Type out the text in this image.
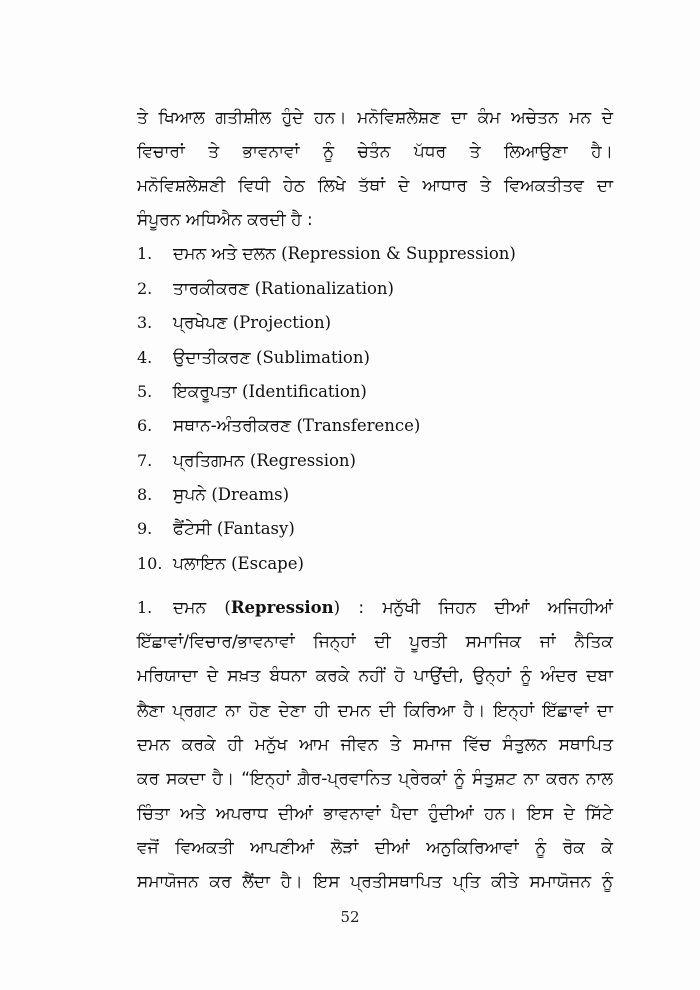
ਤੇ ਖਿਆਲ ਗਤੀਸ਼ੀਲ ਹੁੰਦੇ ਹਨ। ਮਨੋਵਿਸ਼ਲੇਸ਼ਣ ਦਾ ਕੰਮ ਅਚੇਤਨ ਮਨ ਦੇ
ਵਿਚਾਰਾਂ ਤੇ ਭਾਵਨਾਵਾਂ ਨੂੰ ਚੇਤੰਨ ਪੱਧਰ ਤੇ ਲਿਆਉਣਾ ਹੈ।
ਮਨੋਵਿਸ਼ਲੇਸ਼ਣੀ ਵਿਧੀ ਹੇਠ ਲਿਖੇ ਤੱਥਾਂ ਦੇ ਆਧਾਰ ਤੇ ਵਿਅਕਤੀਤਵ ਦਾ
ਸੰਪੂਰਨ ਅਧਿਐਨ ਕਰਦੀ ਹੈ :
1. ਦਮਨ ਅਤੇ ਦਲਨ (Repression & Suppression)
2. ਤਾਰਕੀਕਰਣ (Rationalization)
3. ਪ੍ਰਖੇਪਣ (Projection)
4. ਉਦਾਤੀਕਰਣ (Sublimation)
5. ਇਕਰੂਪਤਾ (Identification)
6. ਸਥਾਨ-ਅੰਤਰੀਕਰਣ (Transference)
7. ਪ੍ਰਤਿਗਮਨ (Regression)
8. ਸੁਪਨੇ (Dreams)
9. ਫੈਂਟੇਸੀ (Fantasy)
10. ਪਲਾਇਨ (Escape)
1. ਦਮਨ (Repression) : ਮਨੁੱਖੀ ਜਿਹਨ ਦੀਆਂ ਅਜਿਹੀਆਂ
ਇੱਛਾਵਾਂ/ਵਿਚਾਰ/ਭਾਵਨਾਵਾਂ ਜਿਨ੍ਹਾਂ ਦੀ ਪੂਰਤੀ ਸਮਾਜਿਕ ਜਾਂ ਨੈਤਿਕ
ਮਰਿਯਾਦਾ ਦੇ ਸਖ਼ਤ ਬੰਧਨਾ ਕਰਕੇ ਨਹੀਂ ਹੋ ਪਾਉਂਦੀ, ਉਨ੍ਹਾਂ ਨੂੰ ਅੰਦਰ ਦਬਾ
ਲੈਣਾ ਪ੍ਰਗਟ ਨਾ ਹੋਣ ਦੇਣਾ ਹੀ ਦਮਨ ਦੀ ਕਿਰਿਆ ਹੈ। ਇਨ੍ਹਾਂ ਇੱਛਾਵਾਂ ਦਾ
ਦਮਨ ਕਰਕੇ ਹੀ ਮਨੁੱਖ ਆਮ ਜੀਵਨ ਤੇ ਸਮਾਜ ਵਿੱਚ ਸੰਤੁਲਨ ਸਥਾਪਿਤ
ਕਰ ਸਕਦਾ ਹੈ। “ਇਨ੍ਹਾਂ ਗ਼ੈਰ-ਪ੍ਰਵਾਨਿਤ ਪ੍ਰੇਰਕਾਂ ਨੂੰ ਸੰਤੁਸ਼ਟ ਨਾ ਕਰਨ ਨਾਲ
ਚਿੰਤਾ ਅਤੇ ਅਪਰਾਧ ਦੀਆਂ ਭਾਵਨਾਵਾਂ ਪੈਦਾ ਹੁੰਦੀਆਂ ਹਨ। ਇਸ ਦੇ ਸਿੱਟੇ
ਵਜੋਂ ਵਿਅਕਤੀ ਆਪਣੀਆਂ ਲੋੜਾਂ ਦੀਆਂ ਅਨੁਕਿਰਿਆਵਾਂ ਨੂੰ ਰੋਕ ਕੇ
ਸਮਾਯੋਜਨ ਕਰ ਲੈਂਦਾ ਹੈ। ਇਸ ਪ੍ਰਤੀਸਥਾਪਿਤ ਪ੍ਤਿ ਕੀਤੇ ਸਮਾਯੋਜਨ ਨੂੰ
52
